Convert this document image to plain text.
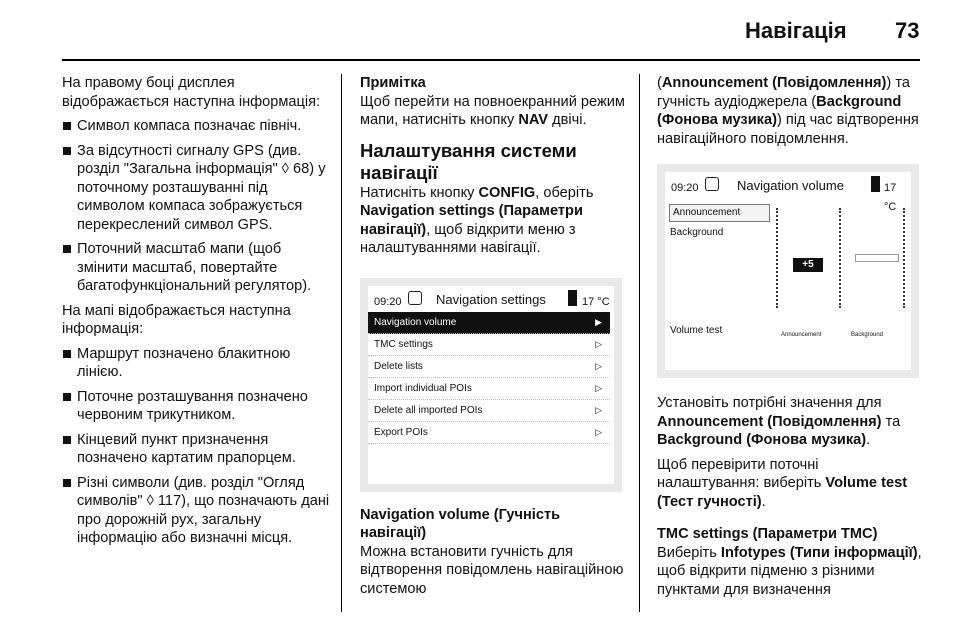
Навігація 73

На правому боці дисплея відображається наступна інформація:

Символ компаса позначає північ.
За відсутності сигналу GPS (див. розділ "Загальна інформація" ◊ 68) у поточному розташуванні під символом компаса зображується перекреслений символ GPS.
Поточний масштаб мапи (щоб змінити масштаб, повертайте багатофункціональний регулятор).

На мапі відображається наступна інформація:

Маршрут позначено блакитною лінією.
Поточне розташування позначено червоним трикутником.
Кінцевий пункт призначення позначено картатим прапорцем.
Різні символи (див. розділ "Огляд символів" ◊ 117), що позначають дані про дорожній рух, загальну інформацію або визначні місця.

Примітка

Щоб перейти на повноекранний режим мапи, натисніть кнопку NAV двічі.

Налаштування системи навігації

Натисніть кнопку CONFIG, оберіть Navigation settings (Параметри навігації), щоб відкрити меню з налаштуваннями навігації.

09:20	Navigation settings	17 °C
Navigation volume	▶
TMC settings	▷
Delete lists	▷
Import individual POIs	▷
Delete all imported POIs	▷
Export POIs	▷
Navigation volume (Гучність навігації)

Можна встановити гучність для відтворення повідомлень навігаційною системою

(Announcement (Повідомлення)) та гучність аудіоджерела (Background (Фонова музика)) під час відтворення навігаційного повідомлення.

09:20	Navigation volume	17 °C
Announcement
Background
Volume test
+5
Announcement	Background

Установіть потрібні значення для Announcement (Повідомлення) та Background (Фонова музика).

Щоб перевірити поточні налаштування: виберіть Volume test (Тест гучності).

TMC settings (Параметри TMC)

Виберіть Infotypes (Типи інформації), щоб відкрити підменю з різними пунктами для визначення
